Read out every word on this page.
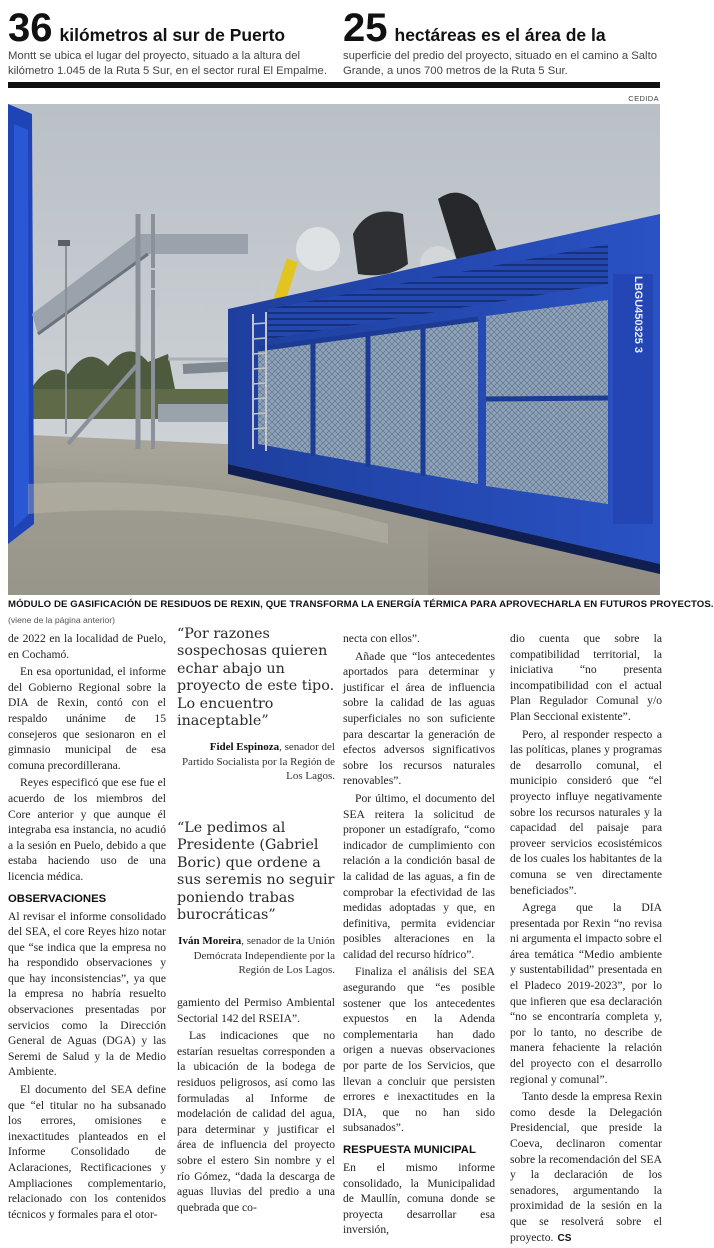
36 kilómetros al sur de Puerto
Montt se ubica el lugar del proyecto, situado a la altura del kilómetro 1.045 de la Ruta 5 Sur, en el sector rural El Empalme.
25 hectáreas es el área de la
superficie del predio del proyecto, situado en el camino a Salto Grande, a unos 700 metros de la Ruta 5 Sur.
CEDIDA
LBGU450325 3
MÓDULO DE GASIFICACIÓN DE RESIDUOS DE REXIN, QUE TRANSFORMA LA ENERGÍA TÉRMICA PARA APROVECHARLA EN FUTUROS PROYECTOS.
(viene de la página anterior)

de 2022 en la localidad de Puelo, en Cochamó.

En esa oportunidad, el informe del Gobierno Regional sobre la DIA de Rexin, contó con el respaldo unánime de 15 consejeros que sesionaron en el gimnasio municipal de esa comuna precordillerana.

Reyes especificó que ese fue el acuerdo de los miembros del Core anterior y que aunque él integraba esa instancia, no acudió a la sesión en Puelo, debido a que estaba haciendo uso de una licencia médica.

OBSERVACIONES

Al revisar el informe consolidado del SEA, el core Reyes hizo notar que “se indica que la empresa no ha respondido observaciones y que hay inconsistencias”, ya que la empresa no habría resuelto observaciones presentadas por servicios como la Dirección General de Aguas (DGA) y las Seremi de Salud y la de Medio Ambiente.

El documento del SEA define que “el titular no ha subsanado los errores, omisiones e inexactitudes planteados en el Informe Consolidado de Aclaraciones, Rectificaciones y Ampliaciones complementario, relacionado con los contenidos técnicos y formales para el otor-

“Por razones sospechosas quieren echar abajo un proyecto de este tipo. Lo encuentro inaceptable”
Fidel Espinoza, senador del Partido Socialista por la Región de Los Lagos.
“Le pedimos al Presidente (Gabriel Boric) que ordene a sus seremis no seguir poniendo trabas burocráticas”
Iván Moreira, senador de la Unión Demócrata Independiente por la Región de Los Lagos.

gamiento del Permiso Ambiental Sectorial 142 del RSEIA”.

Las indicaciones que no estarían resueltas corresponden a la ubicación de la bodega de residuos peligrosos, así como las formuladas al Informe de modelación de calidad del agua, para determinar y justificar el área de influencia del proyecto sobre el estero Sin nombre y el río Gómez, “dada la descarga de aguas lluvias del predio a una quebrada que co-

necta con ellos”.

Añade que “los antecedentes aportados para determinar y justificar el área de influencia sobre la calidad de las aguas superficiales no son suficiente para descartar la generación de efectos adversos significativos sobre los recursos naturales renovables”.

Por último, el documento del SEA reitera la solicitud de proponer un estadígrafo, “como indicador de cumplimiento con relación a la condición basal de la calidad de las aguas, a fin de comprobar la efectividad de las medidas adoptadas y que, en definitiva, permita evidenciar posibles alteraciones en la calidad del recurso hídrico”.

Finaliza el análisis del SEA asegurando que “es posible sostener que los antecedentes expuestos en la Adenda complementaria han dado origen a nuevas observaciones por parte de los Servicios, que llevan a concluir que persisten errores e inexactitudes en la DIA, que no han sido subsanados”.

RESPUESTA MUNICIPAL

En el mismo informe consolidado, la Municipalidad de Maullín, comuna donde se proyecta desarrollar esa inversión,

dio cuenta que sobre la compatibilidad territorial, la iniciativa “no presenta incompatibilidad con el actual Plan Regulador Comunal y/o Plan Seccional existente”.

Pero, al responder respecto a las políticas, planes y programas de desarrollo comunal, el municipio consideró que “el proyecto influye negativamente sobre los recursos naturales y la capacidad del paisaje para proveer servicios ecosistémicos de los cuales los habitantes de la comuna se ven directamente beneficiados”.

Agrega que la DIA presentada por Rexin “no revisa ni argumenta el impacto sobre el área temática “Medio ambiente y sustentabilidad” presentada en el Pladeco 2019-2023”, por lo que infieren que esa declaración “no se encontraría completa y, por lo tanto, no describe de manera fehaciente la relación del proyecto con el desarrollo regional y comunal”.

Tanto desde la empresa Rexin como desde la Delegación Presidencial, que preside la Coeva, declinaron comentar sobre la recomendación del SEA y la declaración de los senadores, argumentando la proximidad de la sesión en la que se resolverá sobre el proyecto. CS
